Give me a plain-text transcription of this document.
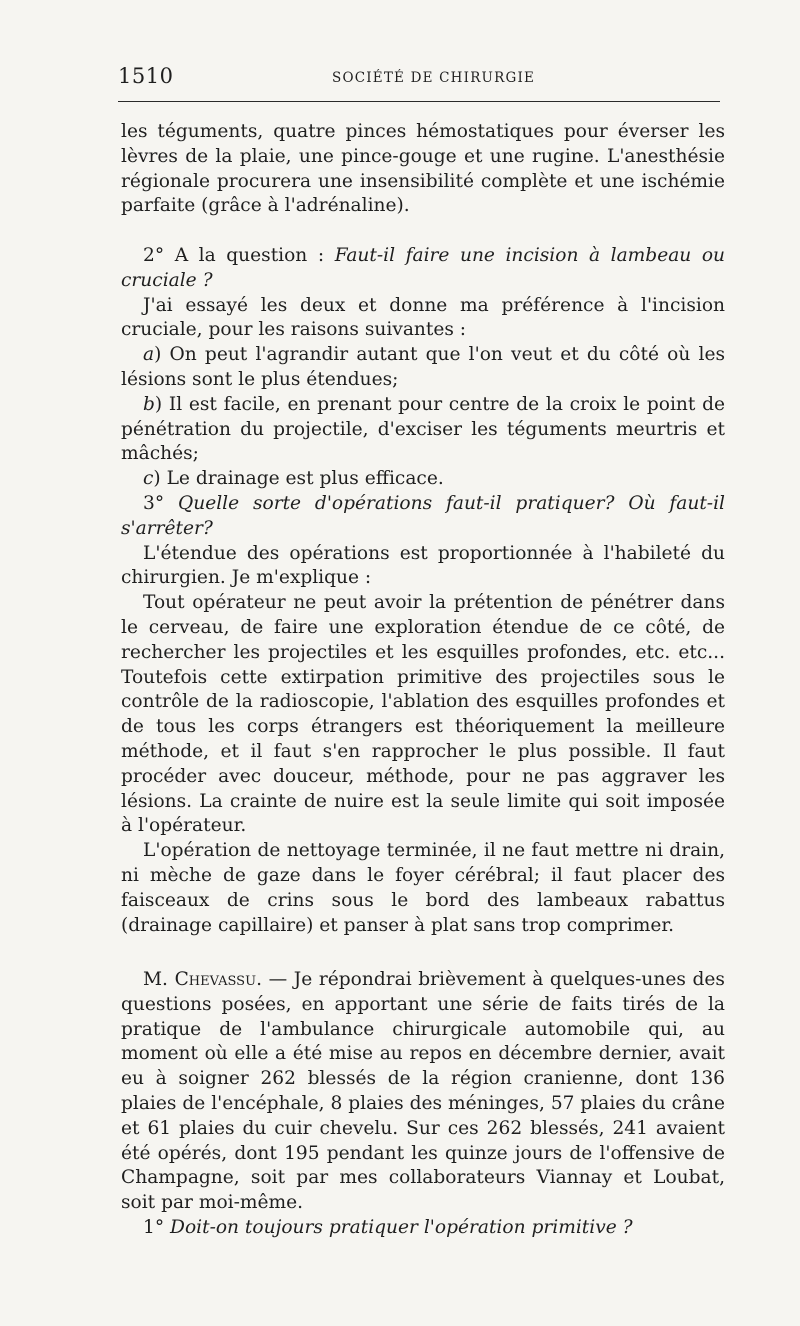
1510	SOCIÉTÉ DE CHIRURGIE

les téguments, quatre pinces hémostatiques pour éverser les lèvres de la plaie, une pince-gouge et une rugine. L'anesthésie régionale procurera une insensibilité complète et une ischémie parfaite (grâce à l'adrénaline).

2° A la question : Faut-il faire une incision à lambeau ou cruciale ?

J'ai essayé les deux et donne ma préférence à l'incision cruciale, pour les raisons suivantes :

a) On peut l'agrandir autant que l'on veut et du côté où les lésions sont le plus étendues;

b) Il est facile, en prenant pour centre de la croix le point de pénétration du projectile, d'exciser les téguments meurtris et mâchés;

c) Le drainage est plus efficace.

3° Quelle sorte d'opérations faut-il pratiquer? Où faut-il s'arrêter?

L'étendue des opérations est proportionnée à l'habileté du chirurgien. Je m'explique :

Tout opérateur ne peut avoir la prétention de pénétrer dans le cerveau, de faire une exploration étendue de ce côté, de rechercher les projectiles et les esquilles profondes, etc. etc... Toutefois cette extirpation primitive des projectiles sous le contrôle de la radioscopie, l'ablation des esquilles profondes et de tous les corps étrangers est théoriquement la meilleure méthode, et il faut s'en rapprocher le plus possible. Il faut procéder avec douceur, méthode, pour ne pas aggraver les lésions. La crainte de nuire est la seule limite qui soit imposée à l'opérateur.

L'opération de nettoyage terminée, il ne faut mettre ni drain, ni mèche de gaze dans le foyer cérébral; il faut placer des faisceaux de crins sous le bord des lambeaux rabattus (drainage capillaire) et panser à plat sans trop comprimer.

M. Chevassu. — Je répondrai brièvement à quelques-unes des questions posées, en apportant une série de faits tirés de la pratique de l'ambulance chirurgicale automobile qui, au moment où elle a été mise au repos en décembre dernier, avait eu à soigner 262 blessés de la région cranienne, dont 136 plaies de l'encéphale, 8 plaies des méninges, 57 plaies du crâne et 61 plaies du cuir chevelu. Sur ces 262 blessés, 241 avaient été opérés, dont 195 pendant les quinze jours de l'offensive de Champagne, soit par mes collaborateurs Viannay et Loubat, soit par moi-même.

1° Doit-on toujours pratiquer l'opération primitive ?
